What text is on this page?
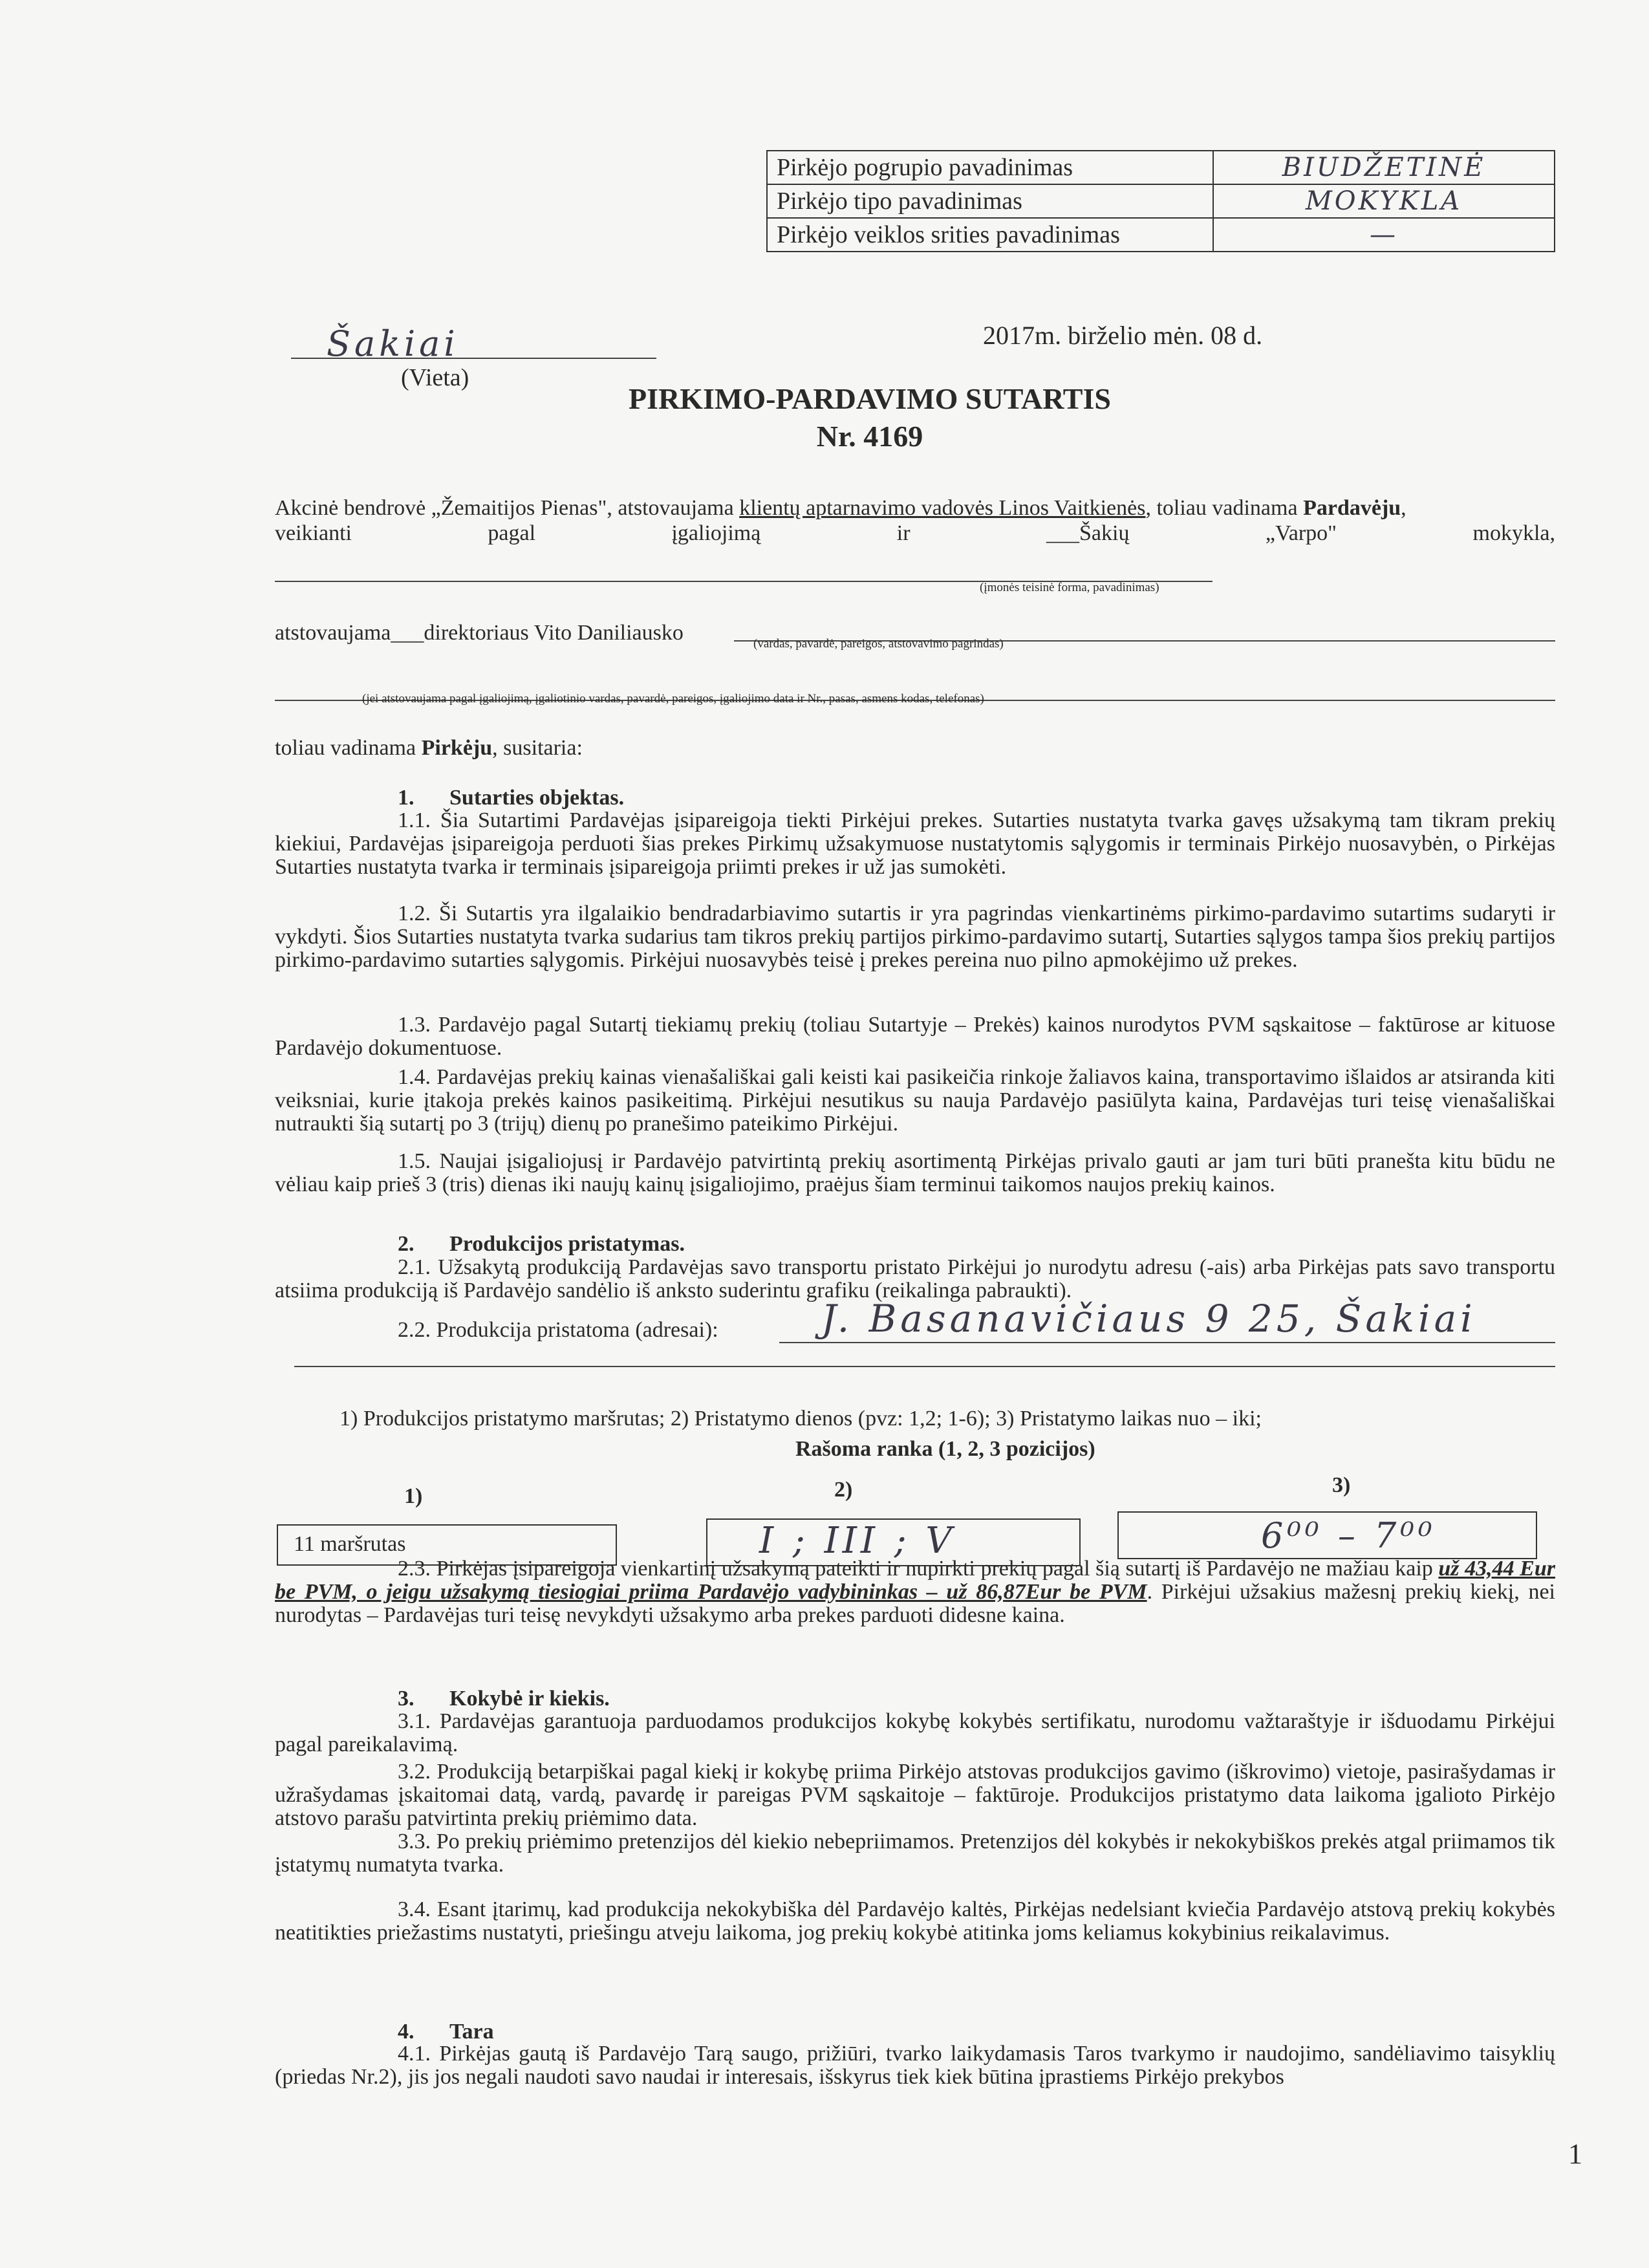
Pirkėjo pogrupio pavadinimas	BIUDŽETINĖ
Pirkėjo tipo pavadinimas	MOKYKLA
Pirkėjo veiklos srities pavadinimas	—
Šakiai
(Vieta)
2017m. birželio mėn. 08 d.
PIRKIMO-PARDAVIMO SUTARTIS
Nr. 4169
Akcinė bendrovė „Žemaitijos Pienas", atstovaujama klientų aptarnavimo vadovės Linos Vaitkienės, toliau vadinama Pardavėju,
veikianti	pagal	įgaliojimą	ir	___Šakių	„Varpo"	mokykla,
(įmonės teisinė forma, pavadinimas)
atstovaujama___direktoriaus Vito Daniliausko	(vardas, pavardė, pareigos, atstovavimo pagrindas)
(jei atstovaujama pagal įgaliojimą, įgaliotinio vardas, pavardė, pareigos, įgaliojimo data ir Nr., pasas, asmens kodas, telefonas)
toliau vadinama Pirkėju, susitaria:
1. Sutarties objektas.
1.1. Šia Sutartimi Pardavėjas įsipareigoja tiekti Pirkėjui prekes. Sutarties nustatyta tvarka gavęs užsakymą tam tikram prekių kiekiui, Pardavėjas įsipareigoja perduoti šias prekes Pirkimų užsakymuose nustatytomis sąlygomis ir terminais Pirkėjo nuosavybėn, o Pirkėjas Sutarties nustatyta tvarka ir terminais įsipareigoja priimti prekes ir už jas sumokėti.
1.2. Ši Sutartis yra ilgalaikio bendradarbiavimo sutartis ir yra pagrindas vienkartinėms pirkimo-pardavimo sutartims sudaryti ir vykdyti. Šios Sutarties nustatyta tvarka sudarius tam tikros prekių partijos pirkimo-pardavimo sutartį, Sutarties sąlygos tampa šios prekių partijos pirkimo-pardavimo sutarties sąlygomis. Pirkėjui nuosavybės teisė į prekes pereina nuo pilno apmokėjimo už prekes.
1.3. Pardavėjo pagal Sutartį tiekiamų prekių (toliau Sutartyje – Prekės) kainos nurodytos PVM sąskaitose – faktūrose ar kituose Pardavėjo dokumentuose.
1.4. Pardavėjas prekių kainas vienašališkai gali keisti kai pasikeičia rinkoje žaliavos kaina, transportavimo išlaidos ar atsiranda kiti veiksniai, kurie įtakoja prekės kainos pasikeitimą. Pirkėjui nesutikus su nauja Pardavėjo pasiūlyta kaina, Pardavėjas turi teisę vienašališkai nutraukti šią sutartį po 3 (trijų) dienų po pranešimo pateikimo Pirkėjui.
1.5. Naujai įsigaliojusį ir Pardavėjo patvirtintą prekių asortimentą Pirkėjas privalo gauti ar jam turi būti pranešta kitu būdu ne vėliau kaip prieš 3 (tris) dienas iki naujų kainų įsigaliojimo, praėjus šiam terminui taikomos naujos prekių kainos.
2. Produkcijos pristatymas.
2.1. Užsakytą produkciją Pardavėjas savo transportu pristato Pirkėjui jo nurodytu adresu (-ais) arba Pirkėjas pats savo transportu atsiima produkciją iš Pardavėjo sandėlio iš anksto suderintu grafiku (reikalinga pabraukti).
2.2. Produkcija pristatoma (adresai):	J. Basanavičiaus 9 25, Šakiai
1) Produkcijos pristatymo maršrutas; 2) Pristatymo dienos (pvz: 1,2; 1-6); 3) Pristatymo laikas nuo – iki;
Rašoma ranka (1, 2, 3 pozicijos)
1)	2)	3)
11 maršrutas	I ; III ; V	6⁰⁰ – 7⁰⁰
2.3. Pirkėjas įsipareigoja vienkartinį užsakymą pateikti ir nupirkti prekių pagal šią sutartį iš Pardavėjo ne mažiau kaip už 43,44 Eur be PVM, o jeigu užsakymą tiesiogiai priima Pardavėjo vadybininkas – už 86,87Eur be PVM. Pirkėjui užsakius mažesnį prekių kiekį, nei nurodytas – Pardavėjas turi teisę nevykdyti užsakymo arba prekes parduoti didesne kaina.
3. Kokybė ir kiekis.
3.1. Pardavėjas garantuoja parduodamos produkcijos kokybę kokybės sertifikatu, nurodomu važtaraštyje ir išduodamu Pirkėjui pagal pareikalavimą.
3.2. Produkciją betarpiškai pagal kiekį ir kokybę priima Pirkėjo atstovas produkcijos gavimo (iškrovimo) vietoje, pasirašydamas ir užrašydamas įskaitomai datą, vardą, pavardę ir pareigas PVM sąskaitoje – faktūroje. Produkcijos pristatymo data laikoma įgalioto Pirkėjo atstovo parašu patvirtinta prekių priėmimo data.
3.3. Po prekių priėmimo pretenzijos dėl kiekio nebepriimamos. Pretenzijos dėl kokybės ir nekokybiškos prekės atgal priimamos tik įstatymų numatyta tvarka.
3.4. Esant įtarimų, kad produkcija nekokybiška dėl Pardavėjo kaltės, Pirkėjas nedelsiant kviečia Pardavėjo atstovą prekių kokybės neatitikties priežastims nustatyti, priešingu atveju laikoma, jog prekių kokybė atitinka joms keliamus kokybinius reikalavimus.
4. Tara
4.1. Pirkėjas gautą iš Pardavėjo Tarą saugo, prižiūri, tvarko laikydamasis Taros tvarkymo ir naudojimo, sandėliavimo taisyklių (priedas Nr.2), jis jos negali naudoti savo naudai ir interesais, išskyrus tiek kiek būtina įprastiems Pirkėjo prekybos
1
